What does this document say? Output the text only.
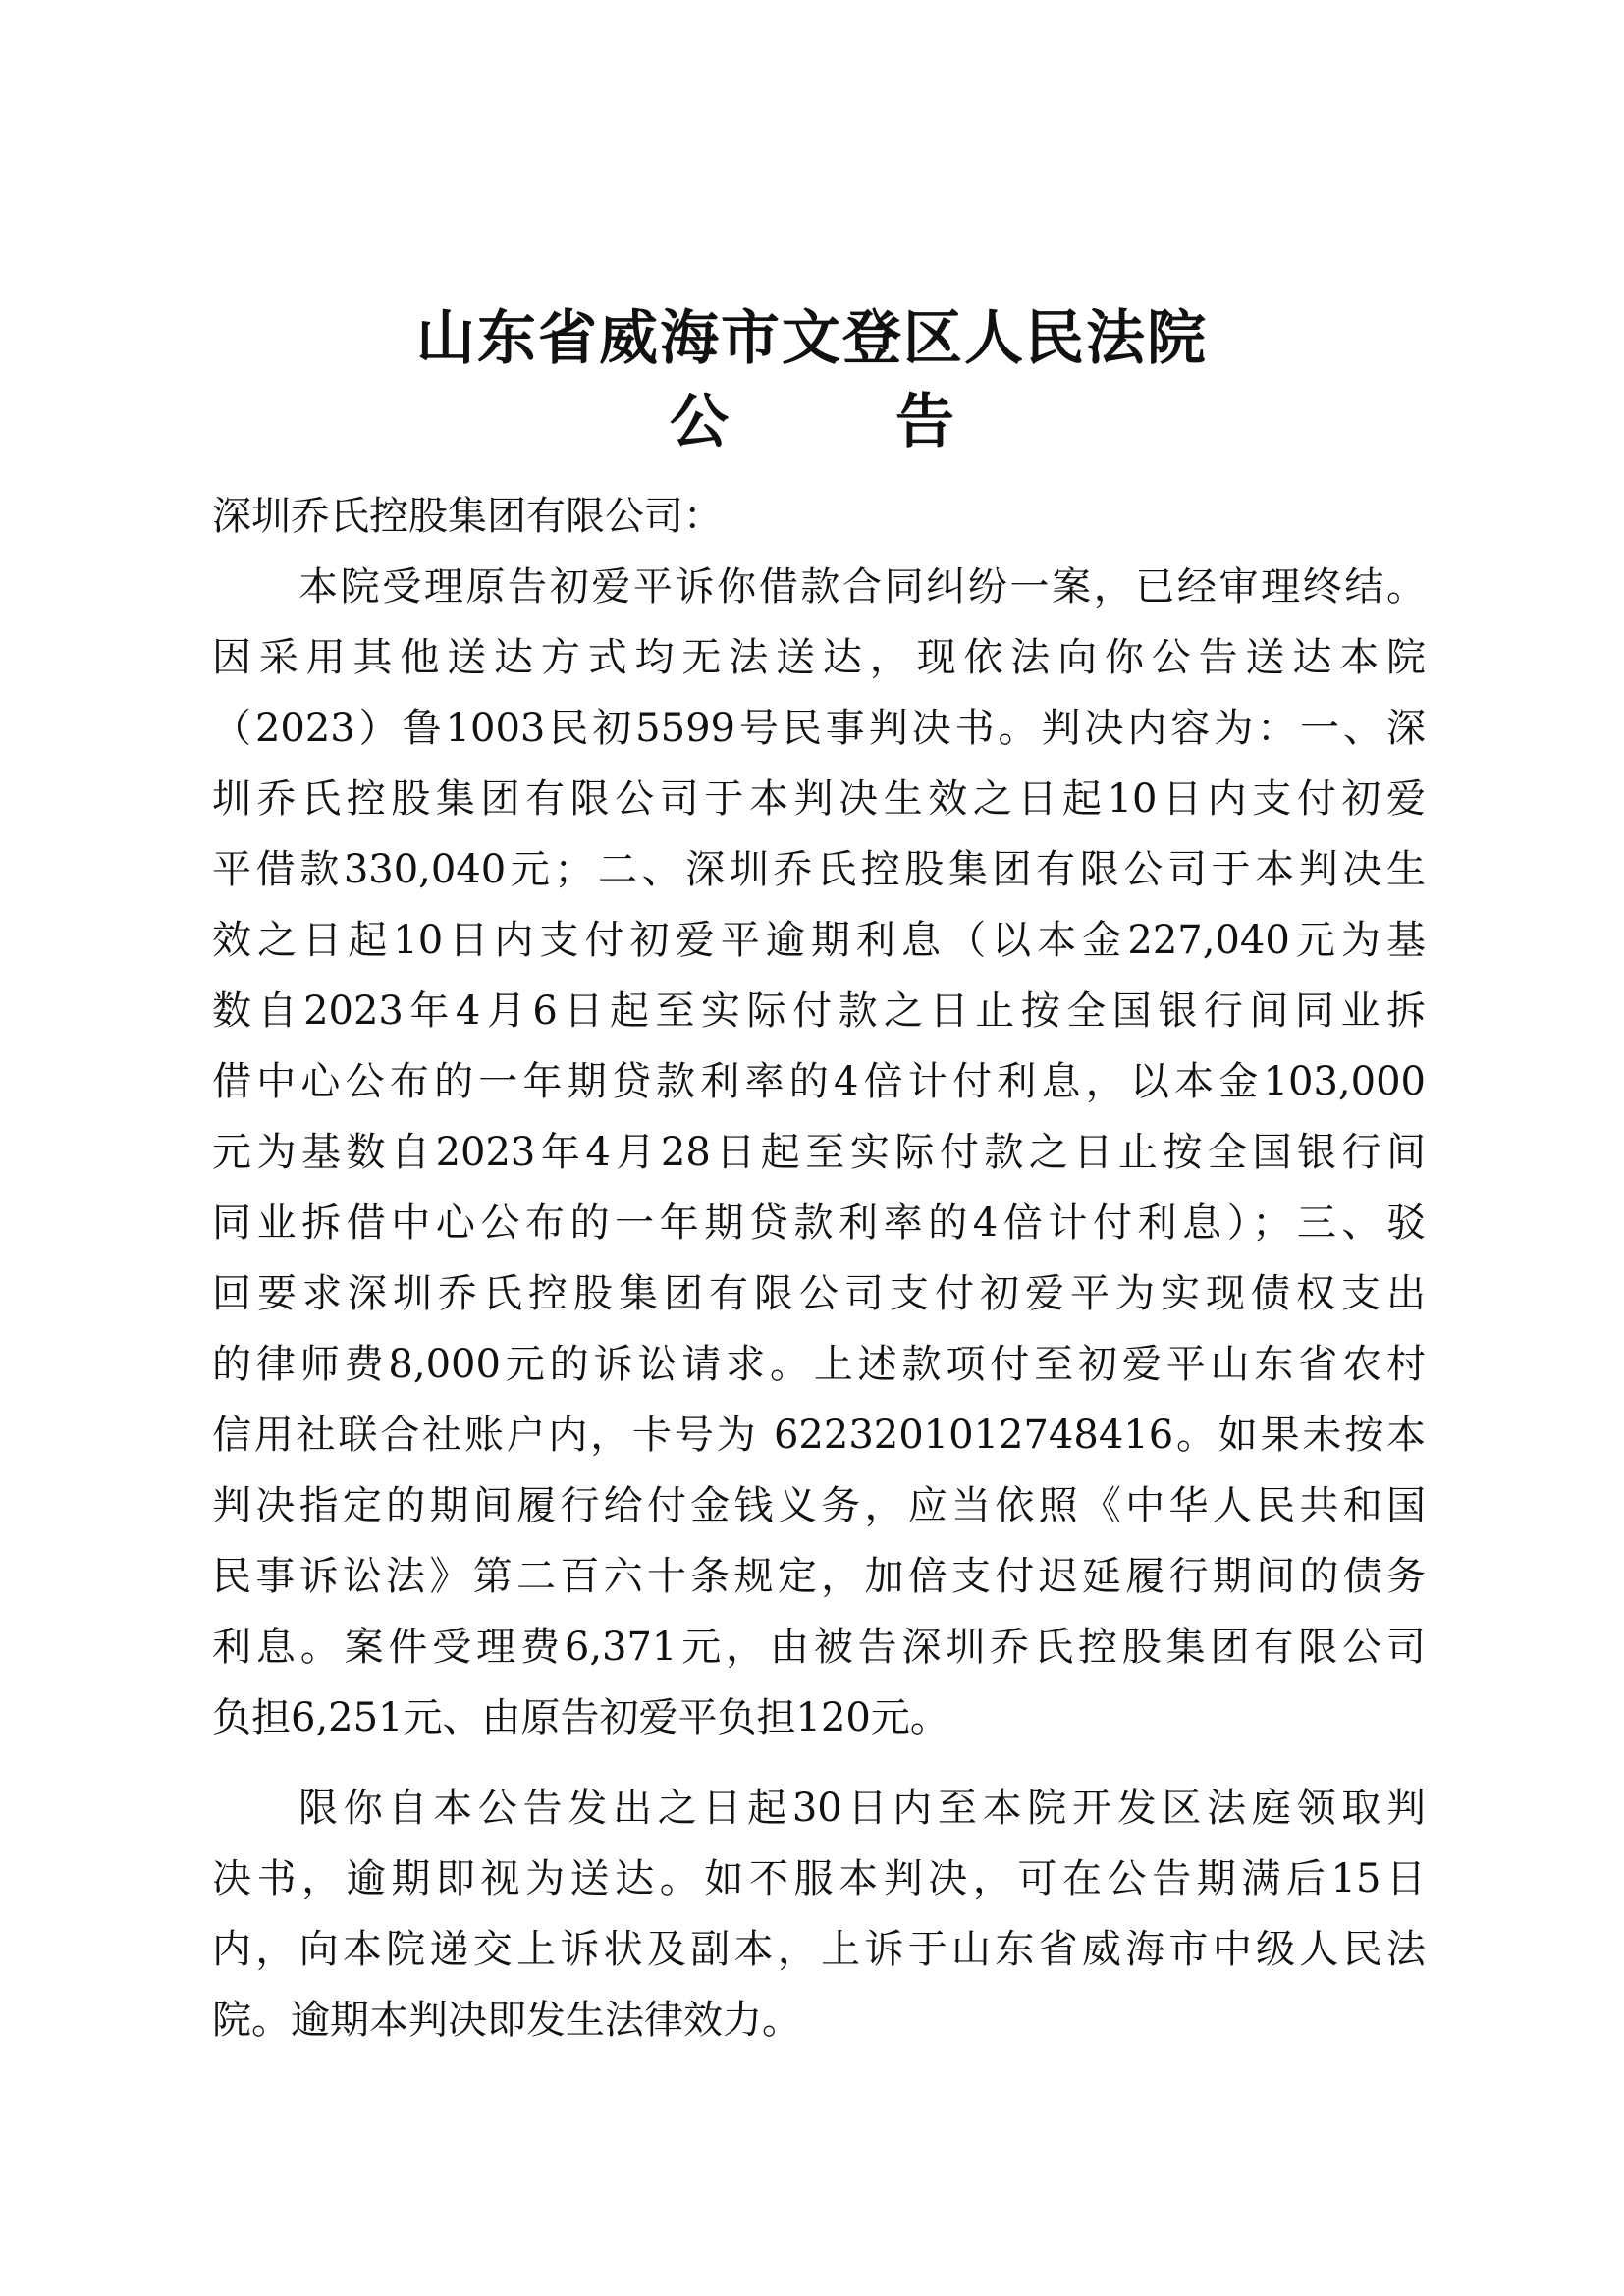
山东省威海市文登区人民法院
公告
深圳乔氏控股集团有限公司：
本院受理原告初爱平诉你借款合同纠纷一案，已经审理终结。
因采用其他送达方式均无法送达，现依法向你公告送达本院
（2023）鲁1003民初5599号民事判决书。判决内容为：一、深
圳乔氏控股集团有限公司于本判决生效之日起10日内支付初爱
平借款330,040元；二、深圳乔氏控股集团有限公司于本判决生
效之日起10日内支付初爱平逾期利息（以本金227,040元为基
数自2023年4月6日起至实际付款之日止按全国银行间同业拆
借中心公布的一年期贷款利率的4倍计付利息，以本金103,000
元为基数自2023年4月28日起至实际付款之日止按全国银行间
同业拆借中心公布的一年期贷款利率的4倍计付利息）；三、驳
回要求深圳乔氏控股集团有限公司支付初爱平为实现债权支出
的律师费8,000元的诉讼请求。上述款项付至初爱平山东省农村
信用社联合社账户内，卡号为 6223201012748416。如果未按本
判决指定的期间履行给付金钱义务，应当依照《中华人民共和国
民事诉讼法》第二百六十条规定，加倍支付迟延履行期间的债务
利息。案件受理费6,371元，由被告深圳乔氏控股集团有限公司
负担6,251元、由原告初爱平负担120元。
限你自本公告发出之日起30日内至本院开发区法庭领取判
决书，逾期即视为送达。如不服本判决，可在公告期满后15日
内，向本院递交上诉状及副本，上诉于山东省威海市中级人民法
院。逾期本判决即发生法律效力。
